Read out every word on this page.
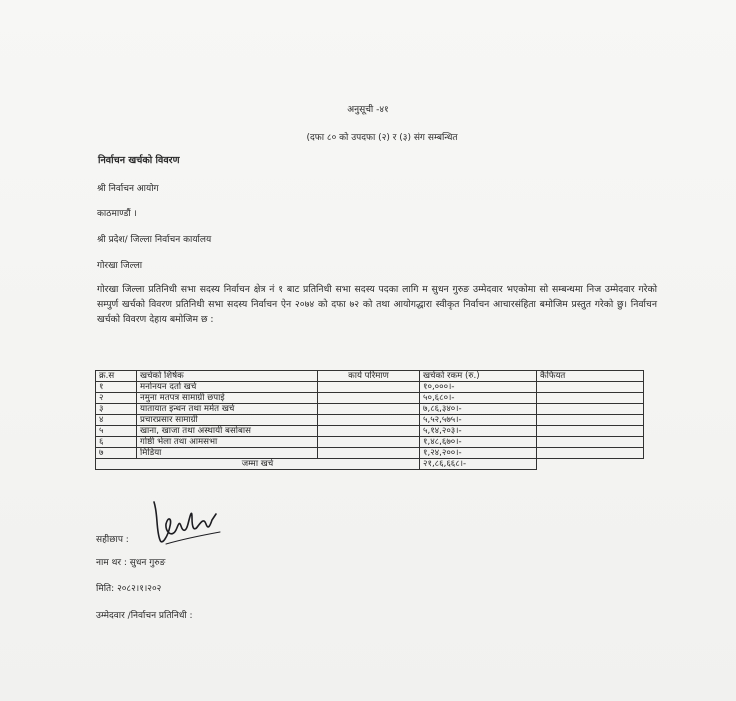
अनुसूची -४१
(दफा ८० को उपदफा (२) र (३) संग सम्बन्धित
निर्वाचन खर्चको विवरण
श्री निर्वाचन आयोग
काठमाण्डौं ।
श्री प्रदेश/ जिल्ला निर्वाचन कार्यालय
गोरखा जिल्ला
गोरखा जिल्ला प्रतिनिधी सभा सदस्य निर्वाचन क्षेत्र नं १ बाट प्रतिनिधी सभा सदस्य पदका लागि म सुधन गुरुङ उम्मेदवार भएकोमा सो सम्बन्धमा निज उम्मेदवार गरेको सम्पुर्ण खर्चको विवरण प्रतिनिधी सभा सदस्य निर्वाचन ऐन २०७४ को दफा ७२ को तथा आयोगद्धारा स्वीकृत निर्वाचन आचारसंहिता बमोजिम प्रस्तुत गरेको छु। निर्वाचन खर्चको विवरण देहाय बमोजिम छ :
क्र.स	खर्चको शिर्षक	कार्य परिमाण	खर्चको रकम (रु.)	कैफियत
१	मनोनयन दर्ता खर्च		१०,०००।-	
२	नमुना मतपत्र सामाग्री छपाई		५०,६८०।-	
३	यातायात इन्धन तथा मर्मत खर्च		७,८६,३४०।-	
४	प्रचारप्रसार सामाग्री		५,५२,५७५।-	
५	खाना, खाजा तथा अस्थायी बसोबास		५,१४,२०३।-	
६	गोष्ठी भेला तथा आमसभा		१,४८,६७०।-	
७	मिडिया		१,२४,२००।-	
जम्मा खर्च			२१,८६,६६८।-	
सहीछाप :
नाम थर : सुधन गुरुङ
मिति: २०८२।१।२०२
उम्मेदवार /निर्वाचन प्रतिनिधी :
